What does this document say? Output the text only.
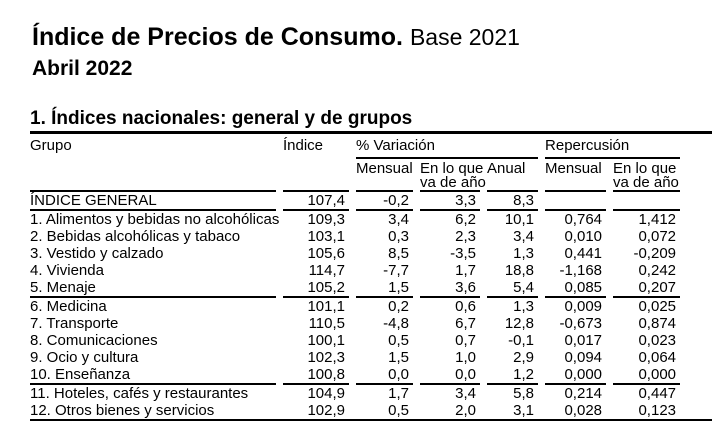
Índice de Precios de Consumo. Base 2021
Abril 2022
1. Índices nacionales: general y de grupos
Grupo	Índice	% Variación			Repercusión	
		Mensual	En lo que va de año	Anual	Mensual	En lo que va de año
ÍNDICE GENERAL	107,4	-0,2	3,3	8,3		
1. Alimentos y bebidas no alcohólicas	109,3	3,4	6,2	10,1	0,764	1,412
2. Bebidas alcohólicas y tabaco	103,1	0,3	2,3	3,4	0,010	0,072
3. Vestido y calzado	105,6	8,5	-3,5	1,3	0,441	-0,209
4. Vivienda	114,7	-7,7	1,7	18,8	-1,168	0,242
5. Menaje	105,2	1,5	3,6	5,4	0,085	0,207
6. Medicina	101,1	0,2	0,6	1,3	0,009	0,025
7. Transporte	110,5	-4,8	6,7	12,8	-0,673	0,874
8. Comunicaciones	100,1	0,5	0,7	-0,1	0,017	0,023
9. Ocio y cultura	102,3	1,5	1,0	2,9	0,094	0,064
10. Enseñanza	100,8	0,0	0,0	1,2	0,000	0,000
11. Hoteles, cafés y restaurantes	104,9	1,7	3,4	5,8	0,214	0,447
12. Otros bienes y servicios	102,9	0,5	2,0	3,1	0,028	0,123
